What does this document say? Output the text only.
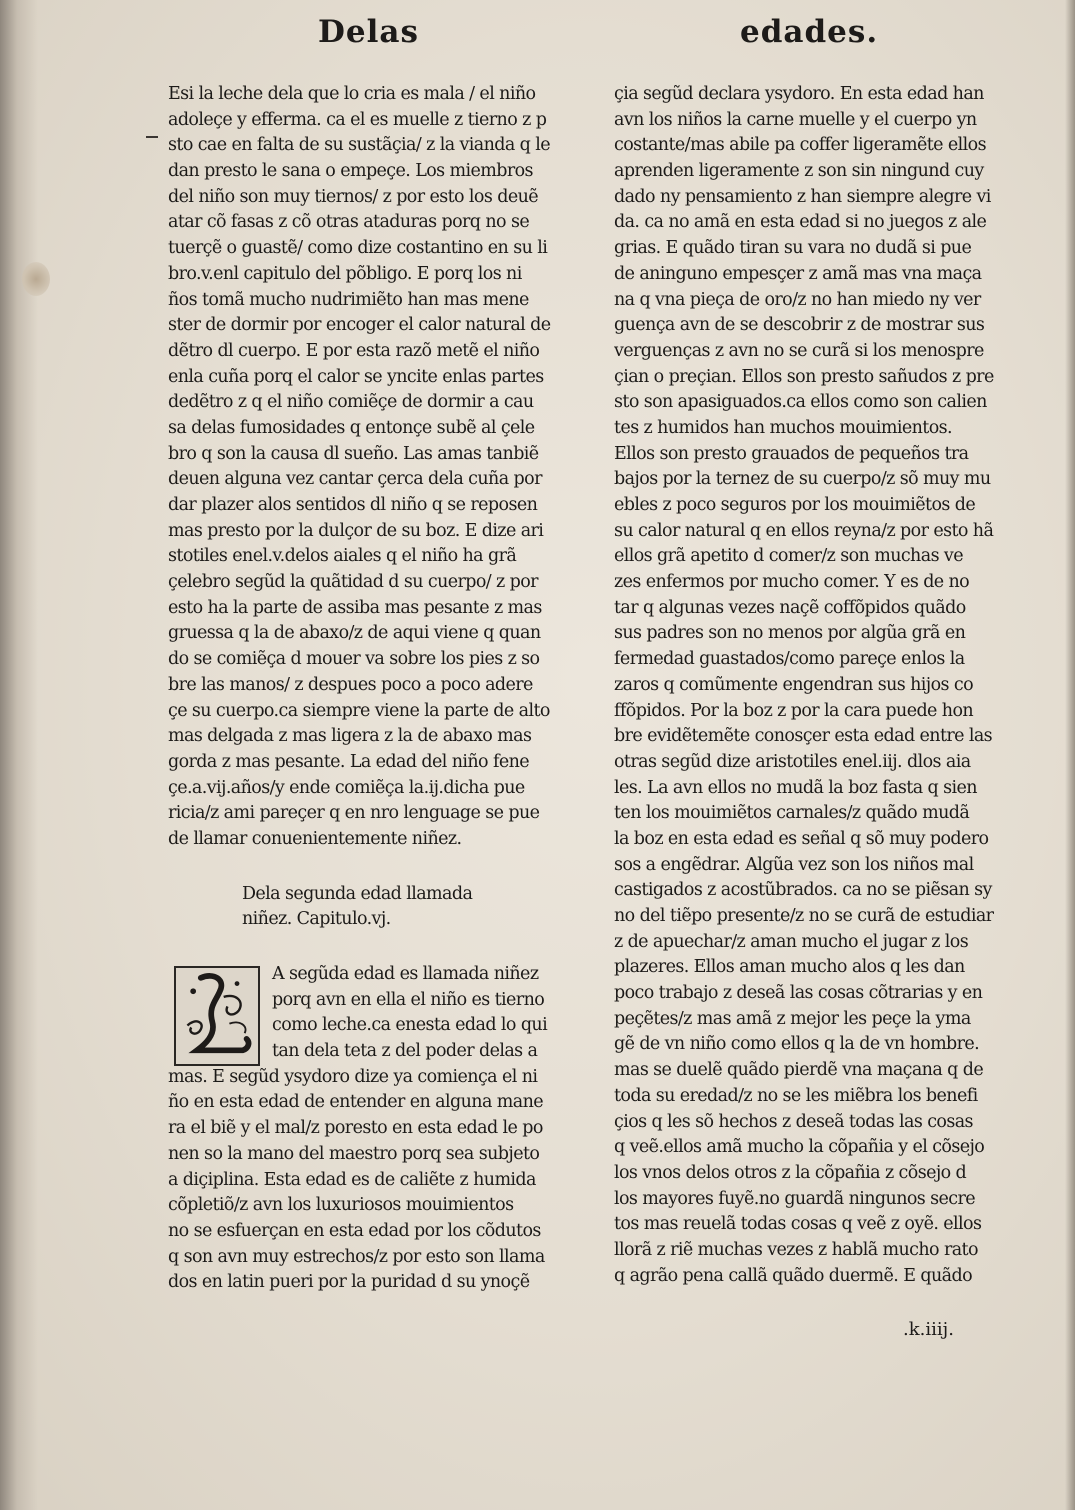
Delas	edades.
Esi la leche dela que lo cria es mala / el niño
adoleçe y efferma. ca el es muelle z tierno z p
sto cae en falta de su sustãçia/ z la vianda q le
dan presto le sana o empeçe. Los miembros
del niño son muy tiernos/ z por esto los deuẽ
atar cõ fasas z cõ otras ataduras porq no se
tuerçẽ o guastẽ/ como dize costantino en su li
bro.v.enl capitulo del põbligo. E porq los ni
ños tomã mucho nudrimiẽto han mas mene
ster de dormir por encoger el calor natural de
dẽtro dl cuerpo. E por esta razõ metẽ el niño
enla cuña porq el calor se yncite enlas partes
dedẽtro z q el niño comiẽçe de dormir a cau
sa delas fumosidades q entonçe subẽ al çele
bro q son la causa dl sueño. Las amas tanbiẽ
deuen alguna vez cantar çerca dela cuña por
dar plazer alos sentidos dl niño q se reposen
mas presto por la dulçor de su boz. E dize ari
stotiles enel.v.delos aiales q el niño ha grã
çelebro segũd la quãtidad d su cuerpo/ z por
esto ha la parte de assiba mas pesante z mas
gruessa q la de abaxo/z de aqui viene q quan
do se comiẽça d mouer va sobre los pies z so
bre las manos/ z despues poco a poco adere
çe su cuerpo.ca siempre viene la parte de alto
mas delgada z mas ligera z la de abaxo mas
gorda z mas pesante. La edad del niño fene
çe.a.vij.años/y ende comiẽça la.ij.dicha pue
ricia/z ami pareçer q en nro lenguage se pue
de llamar conuenientemente niñez.
Dela segunda edad llamada
niñez. Capitulo.vj.
A segũda edad es llamada niñez
porq avn en ella el niño es tierno
como leche.ca enesta edad lo qui
tan dela teta z del poder delas a
mas. E segũd ysydoro dize ya comiença el ni
ño en esta edad de entender en alguna mane
ra el biẽ y el mal/z poresto en esta edad le po
nen so la mano del maestro porq sea subjeto
a diçiplina. Esta edad es de caliẽte z humida
cõpletiõ/z avn los luxuriosos mouimientos
no se esfuerçan en esta edad por los cõdutos
q son avn muy estrechos/z por esto son llama
dos en latin pueri por la puridad d su ynoçẽ
çia segũd declara ysydoro. En esta edad han
avn los niños la carne muelle y el cuerpo yn
costante/mas abile pa coffer ligeramẽte ellos
aprenden ligeramente z son sin ningund cuy
dado ny pensamiento z han siempre alegre vi
da. ca no amã en esta edad si no juegos z ale
grias. E quãdo tiran su vara no dudã si pue
de aninguno empesçer z amã mas vna maça
na q vna pieça de oro/z no han miedo ny ver
guença avn de se descobrir z de mostrar sus
verguenças z avn no se curã si los menospre
çian o preçian. Ellos son presto sañudos z pre
sto son apasiguados.ca ellos como son calien
tes z humidos han muchos mouimientos.
Ellos son presto grauados de pequeños tra
bajos por la ternez de su cuerpo/z sõ muy mu
ebles z poco seguros por los mouimiẽtos de
su calor natural q en ellos reyna/z por esto hã
ellos grã apetito d comer/z son muchas ve
zes enfermos por mucho comer. Y es de no
tar q algunas vezes naçẽ coffõpidos quãdo
sus padres son no menos por algũa grã en
fermedad guastados/como pareçe enlos la
zaros q comũmente engendran sus hijos co
ffõpidos. Por la boz z por la cara puede hon
bre evidẽtemẽte conosçer esta edad entre las
otras segũd dize aristotiles enel.iij. dlos aia
les. La avn ellos no mudã la boz fasta q sien
ten los mouimiẽtos carnales/z quãdo mudã
la boz en esta edad es señal q sõ muy podero
sos a engẽdrar. Algũa vez son los niños mal
castigados z acostũbrados. ca no se piẽsan sy
no del tiẽpo presente/z no se curã de estudiar
z de apuechar/z aman mucho el jugar z los
plazeres. Ellos aman mucho alos q les dan
poco trabajo z deseã las cosas cõtrarias y en
peçẽtes/z mas amã z mejor les peçe la yma
gẽ de vn niño como ellos q la de vn hombre.
mas se duelẽ quãdo pierdẽ vna maçana q de
toda su eredad/z no se les miẽbra los benefi
çios q les sõ hechos z deseã todas las cosas
q veẽ.ellos amã mucho la cõpañia y el cõsejo
los vnos delos otros z la cõpañia z cõsejo d
los mayores fuyẽ.no guardã ningunos secre
tos mas reuelã todas cosas q veẽ z oyẽ. ellos
llorã z riẽ muchas vezes z hablã mucho rato
q agrão pena callã quãdo duermẽ. E quãdo
.k.iiij.
